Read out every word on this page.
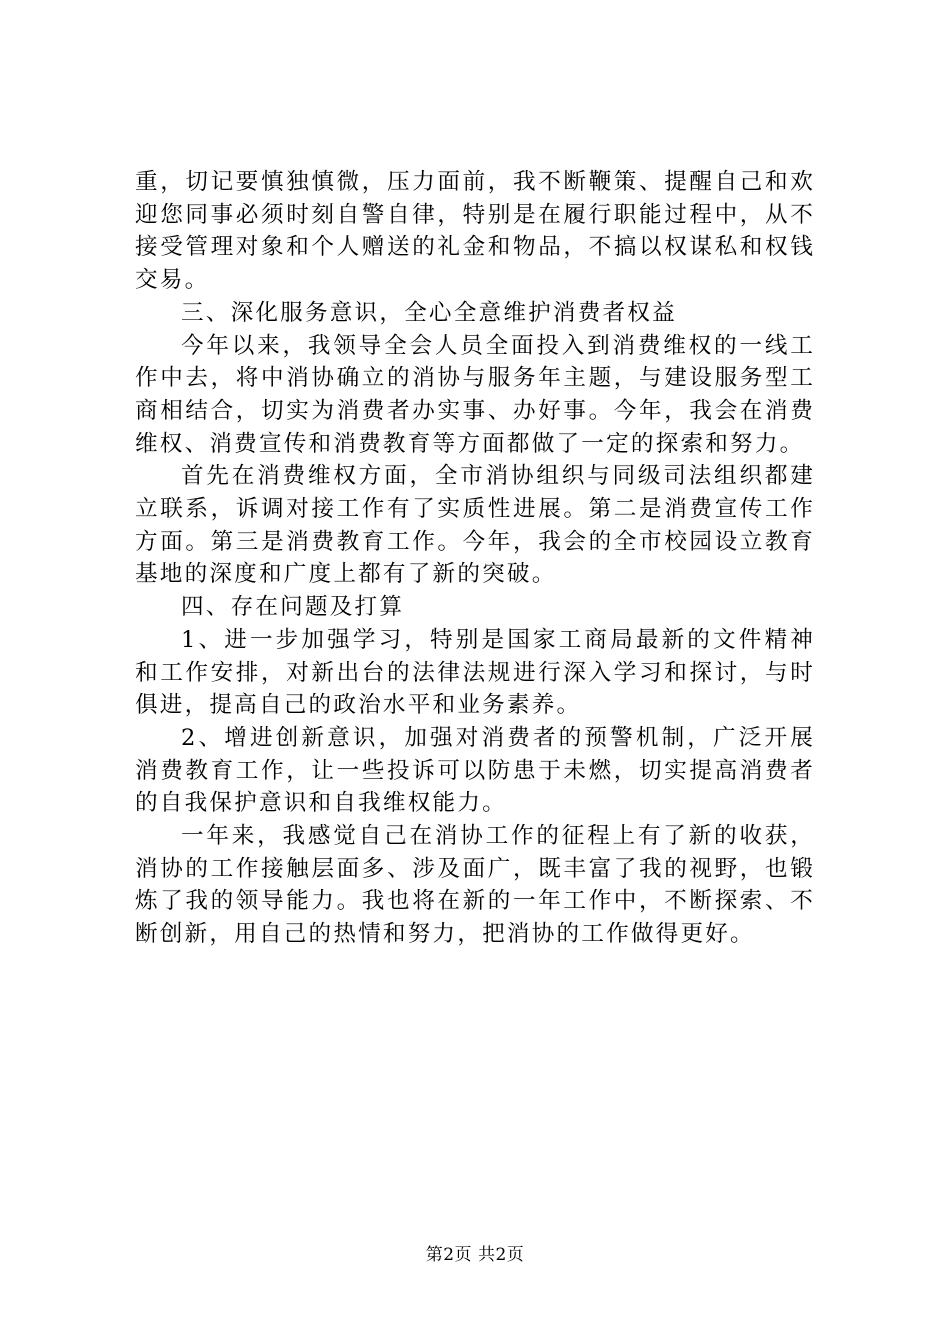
重，切记要慎独慎微，压力面前，我不断鞭策、提醒自己和欢迎您同事必须时刻自警自律，特别是在履行职能过程中，从不接受管理对象和个人赠送的礼金和物品，不搞以权谋私和权钱交易。

三、深化服务意识，全心全意维护消费者权益

今年以来，我领导全会人员全面投入到消费维权的一线工作中去，将中消协确立的消协与服务年主题，与建设服务型工商相结合，切实为消费者办实事、办好事。今年，我会在消费维权、消费宣传和消费教育等方面都做了一定的探索和努力。

首先在消费维权方面，全市消协组织与同级司法组织都建立联系，诉调对接工作有了实质性进展。第二是消费宣传工作方面。第三是消费教育工作。今年，我会的全市校园设立教育基地的深度和广度上都有了新的突破。

四、存在问题及打算

1、进一步加强学习，特别是国家工商局最新的文件精神和工作安排，对新出台的法律法规进行深入学习和探讨，与时俱进，提高自己的政治水平和业务素养。

2、增进创新意识，加强对消费者的预警机制，广泛开展消费教育工作，让一些投诉可以防患于未燃，切实提高消费者的自我保护意识和自我维权能力。

一年来，我感觉自己在消协工作的征程上有了新的收获，消协的工作接触层面多、涉及面广，既丰富了我的视野，也锻炼了我的领导能力。我也将在新的一年工作中，不断探索、不断创新，用自己的热情和努力，把消协的工作做得更好。

第2页 共2页
